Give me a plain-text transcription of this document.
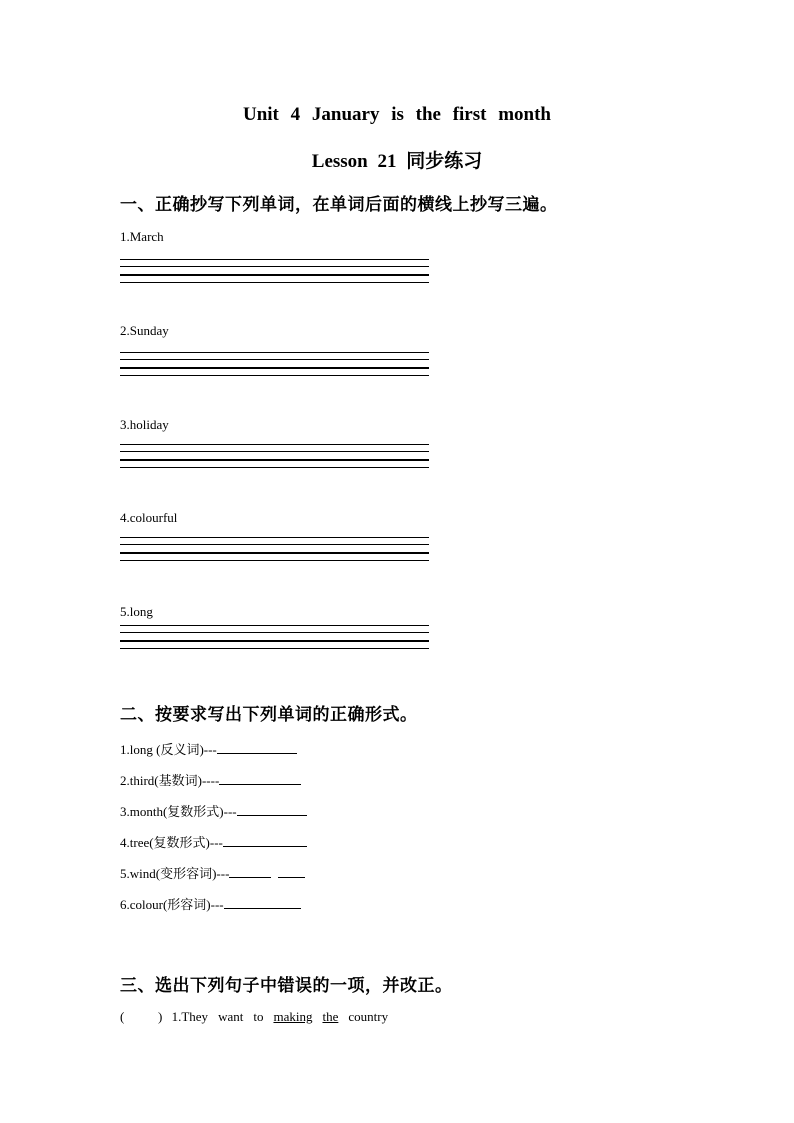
Unit 4 January is the first month
Lesson 21 同步练习
一、正确抄写下列单词，在单词后面的横线上抄写三遍。
1.March
2.Sunday
3.holiday
4.colourful
5.long
二、按要求写出下列单词的正确形式。
1.long (反义词)---
2.third(基数词)----
3.month(复数形式)---
4.tree(复数形式)---
5.wind(变形容词)---
6.colour(形容词)---
三、选出下列句子中错误的一项，并改正。
(	) 1.They want to making the country
